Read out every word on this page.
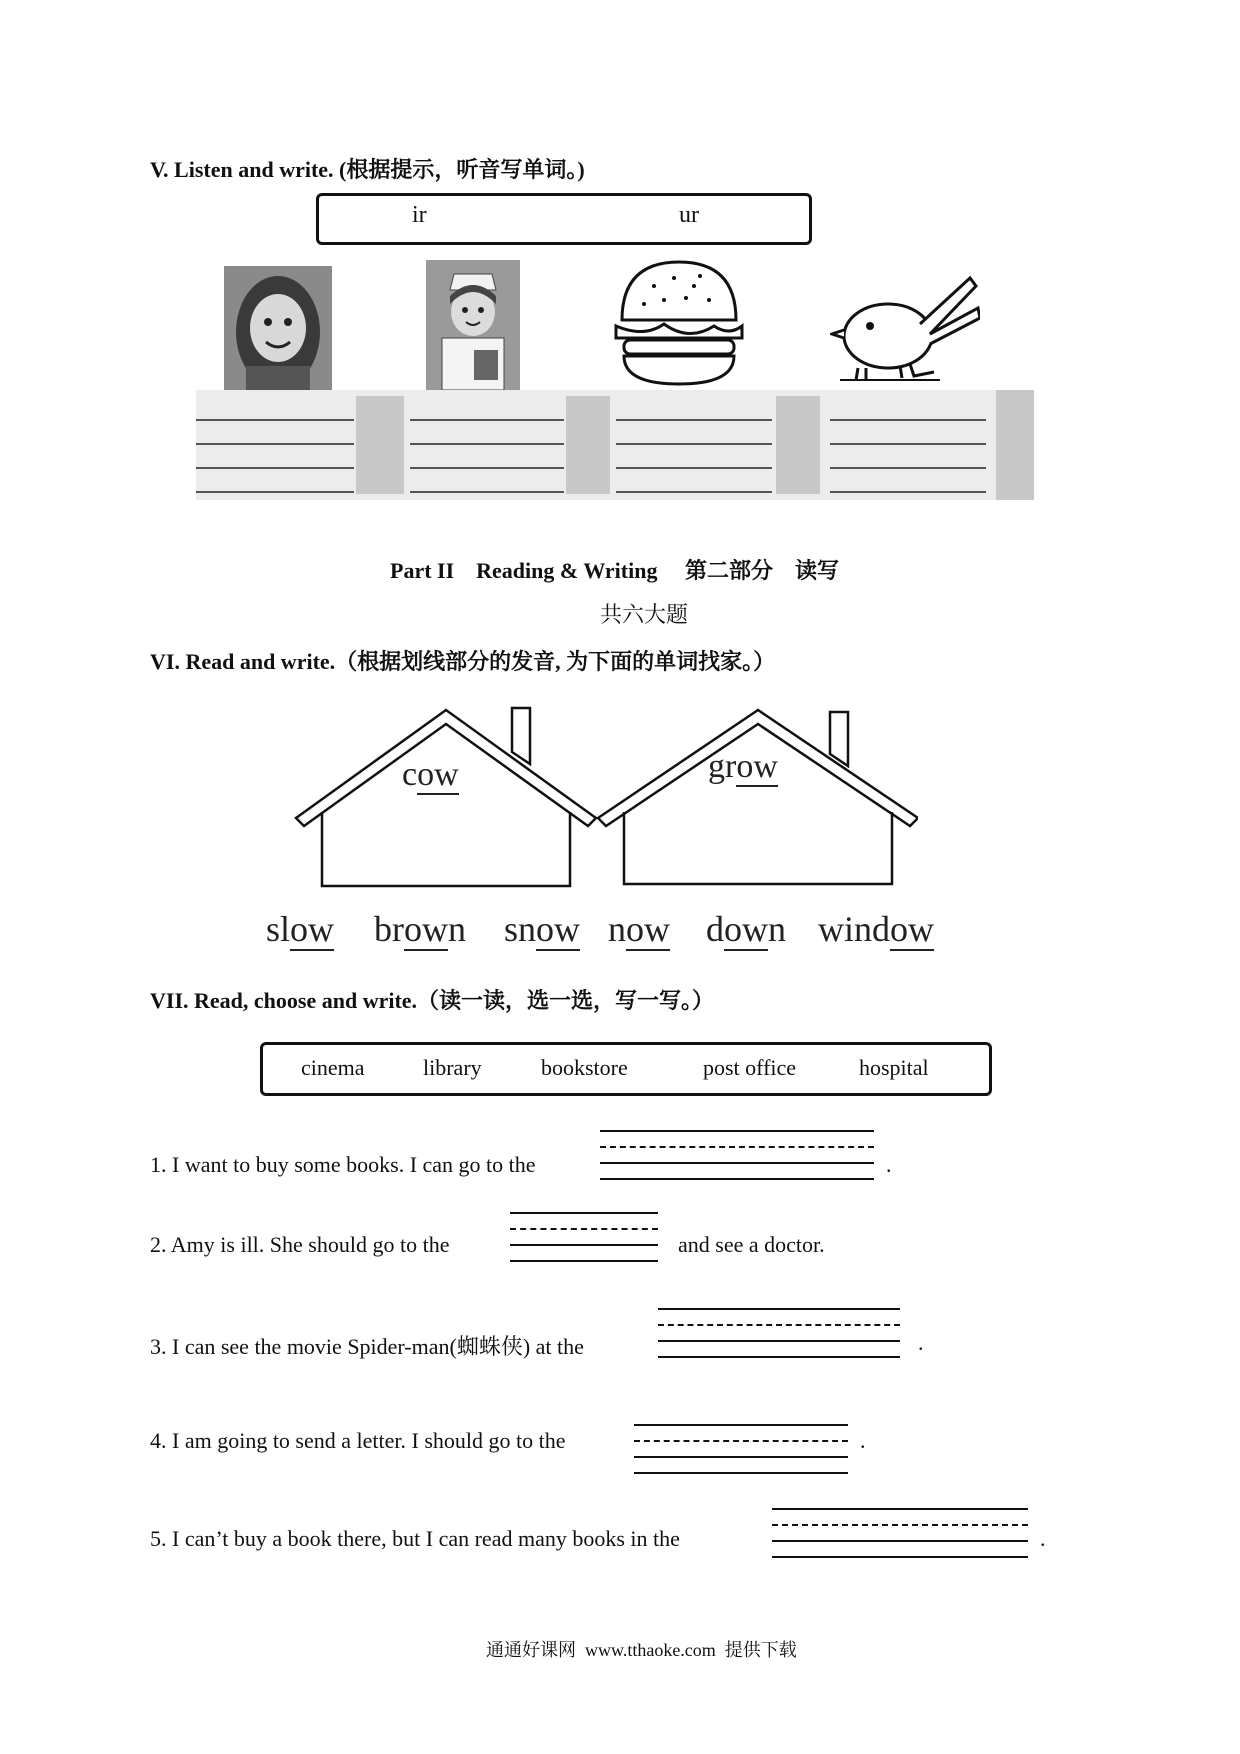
V. Listen and write. (根据提示，听音写单词。)
ir	ur
Part II    Reading & Writing     第二部分    读写
共六大题
VI. Read and write.（根据划线部分的发音, 为下面的单词找家。）
cow	grow
slow brown snow now down window
VII. Read, choose and write.（读一读，选一选，写一写。）
cinema	library	bookstore	post office	hospital
1. I want to buy some books. I can go to the	.
2. Amy is ill. She should go to the	and see a doctor.
3. I can see the movie Spider-man(蜘蛛侠) at the	.
4. I am going to send a letter. I should go to the	.
5. I can’t buy a book there, but I can read many books in the	.
通通好课网  www.tthaoke.com  提供下载
